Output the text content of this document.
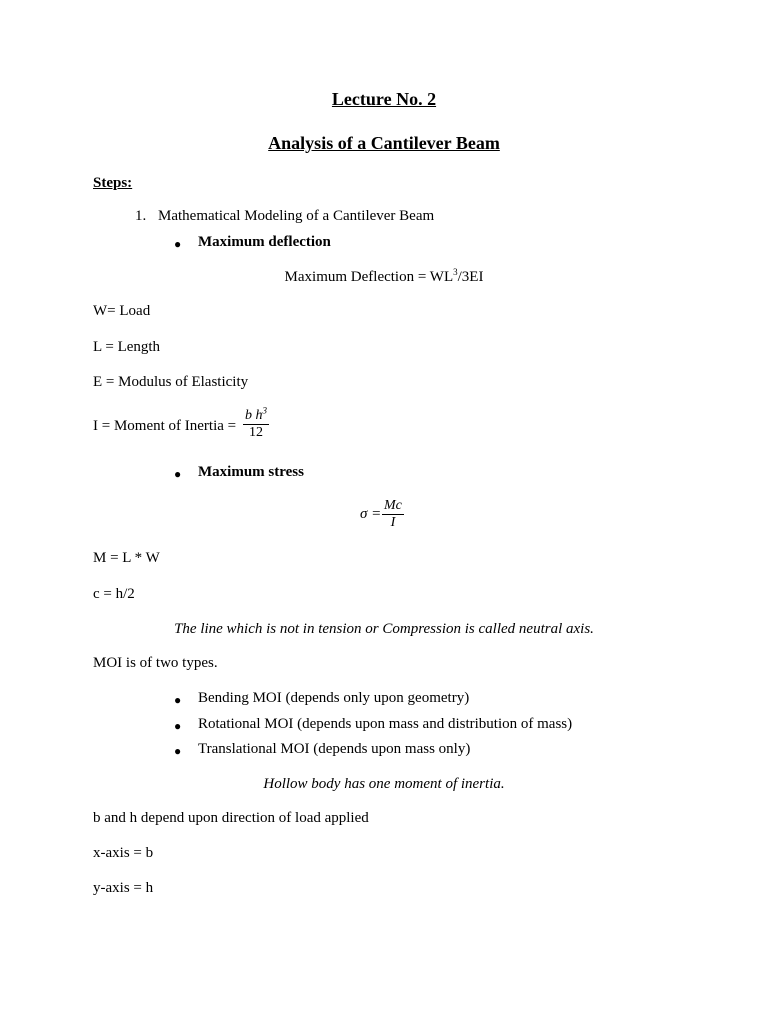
Lecture No. 2
Analysis of a Cantilever Beam
Steps:
1. Mathematical Modeling of a Cantilever Beam
● Maximum deflection
Maximum Deflection = $WL^3/3EI$
W= Load
L = Length
E = Modulus of Elasticity
I = Moment of Inertia = $\frac{b h^3}{12}$
● Maximum stress
$\sigma = \frac{Mc}{I}$
M = L * W
c = h/2
The line which is not in tension or Compression is called neutral axis.
MOI is of two types.
● Bending MOI (depends only upon geometry)
● Rotational MOI (depends upon mass and distribution of mass)
● Translational MOI (depends upon mass only)
Hollow body has one moment of inertia.
b and h depend upon direction of load applied
x-axis = b
y-axis = h
